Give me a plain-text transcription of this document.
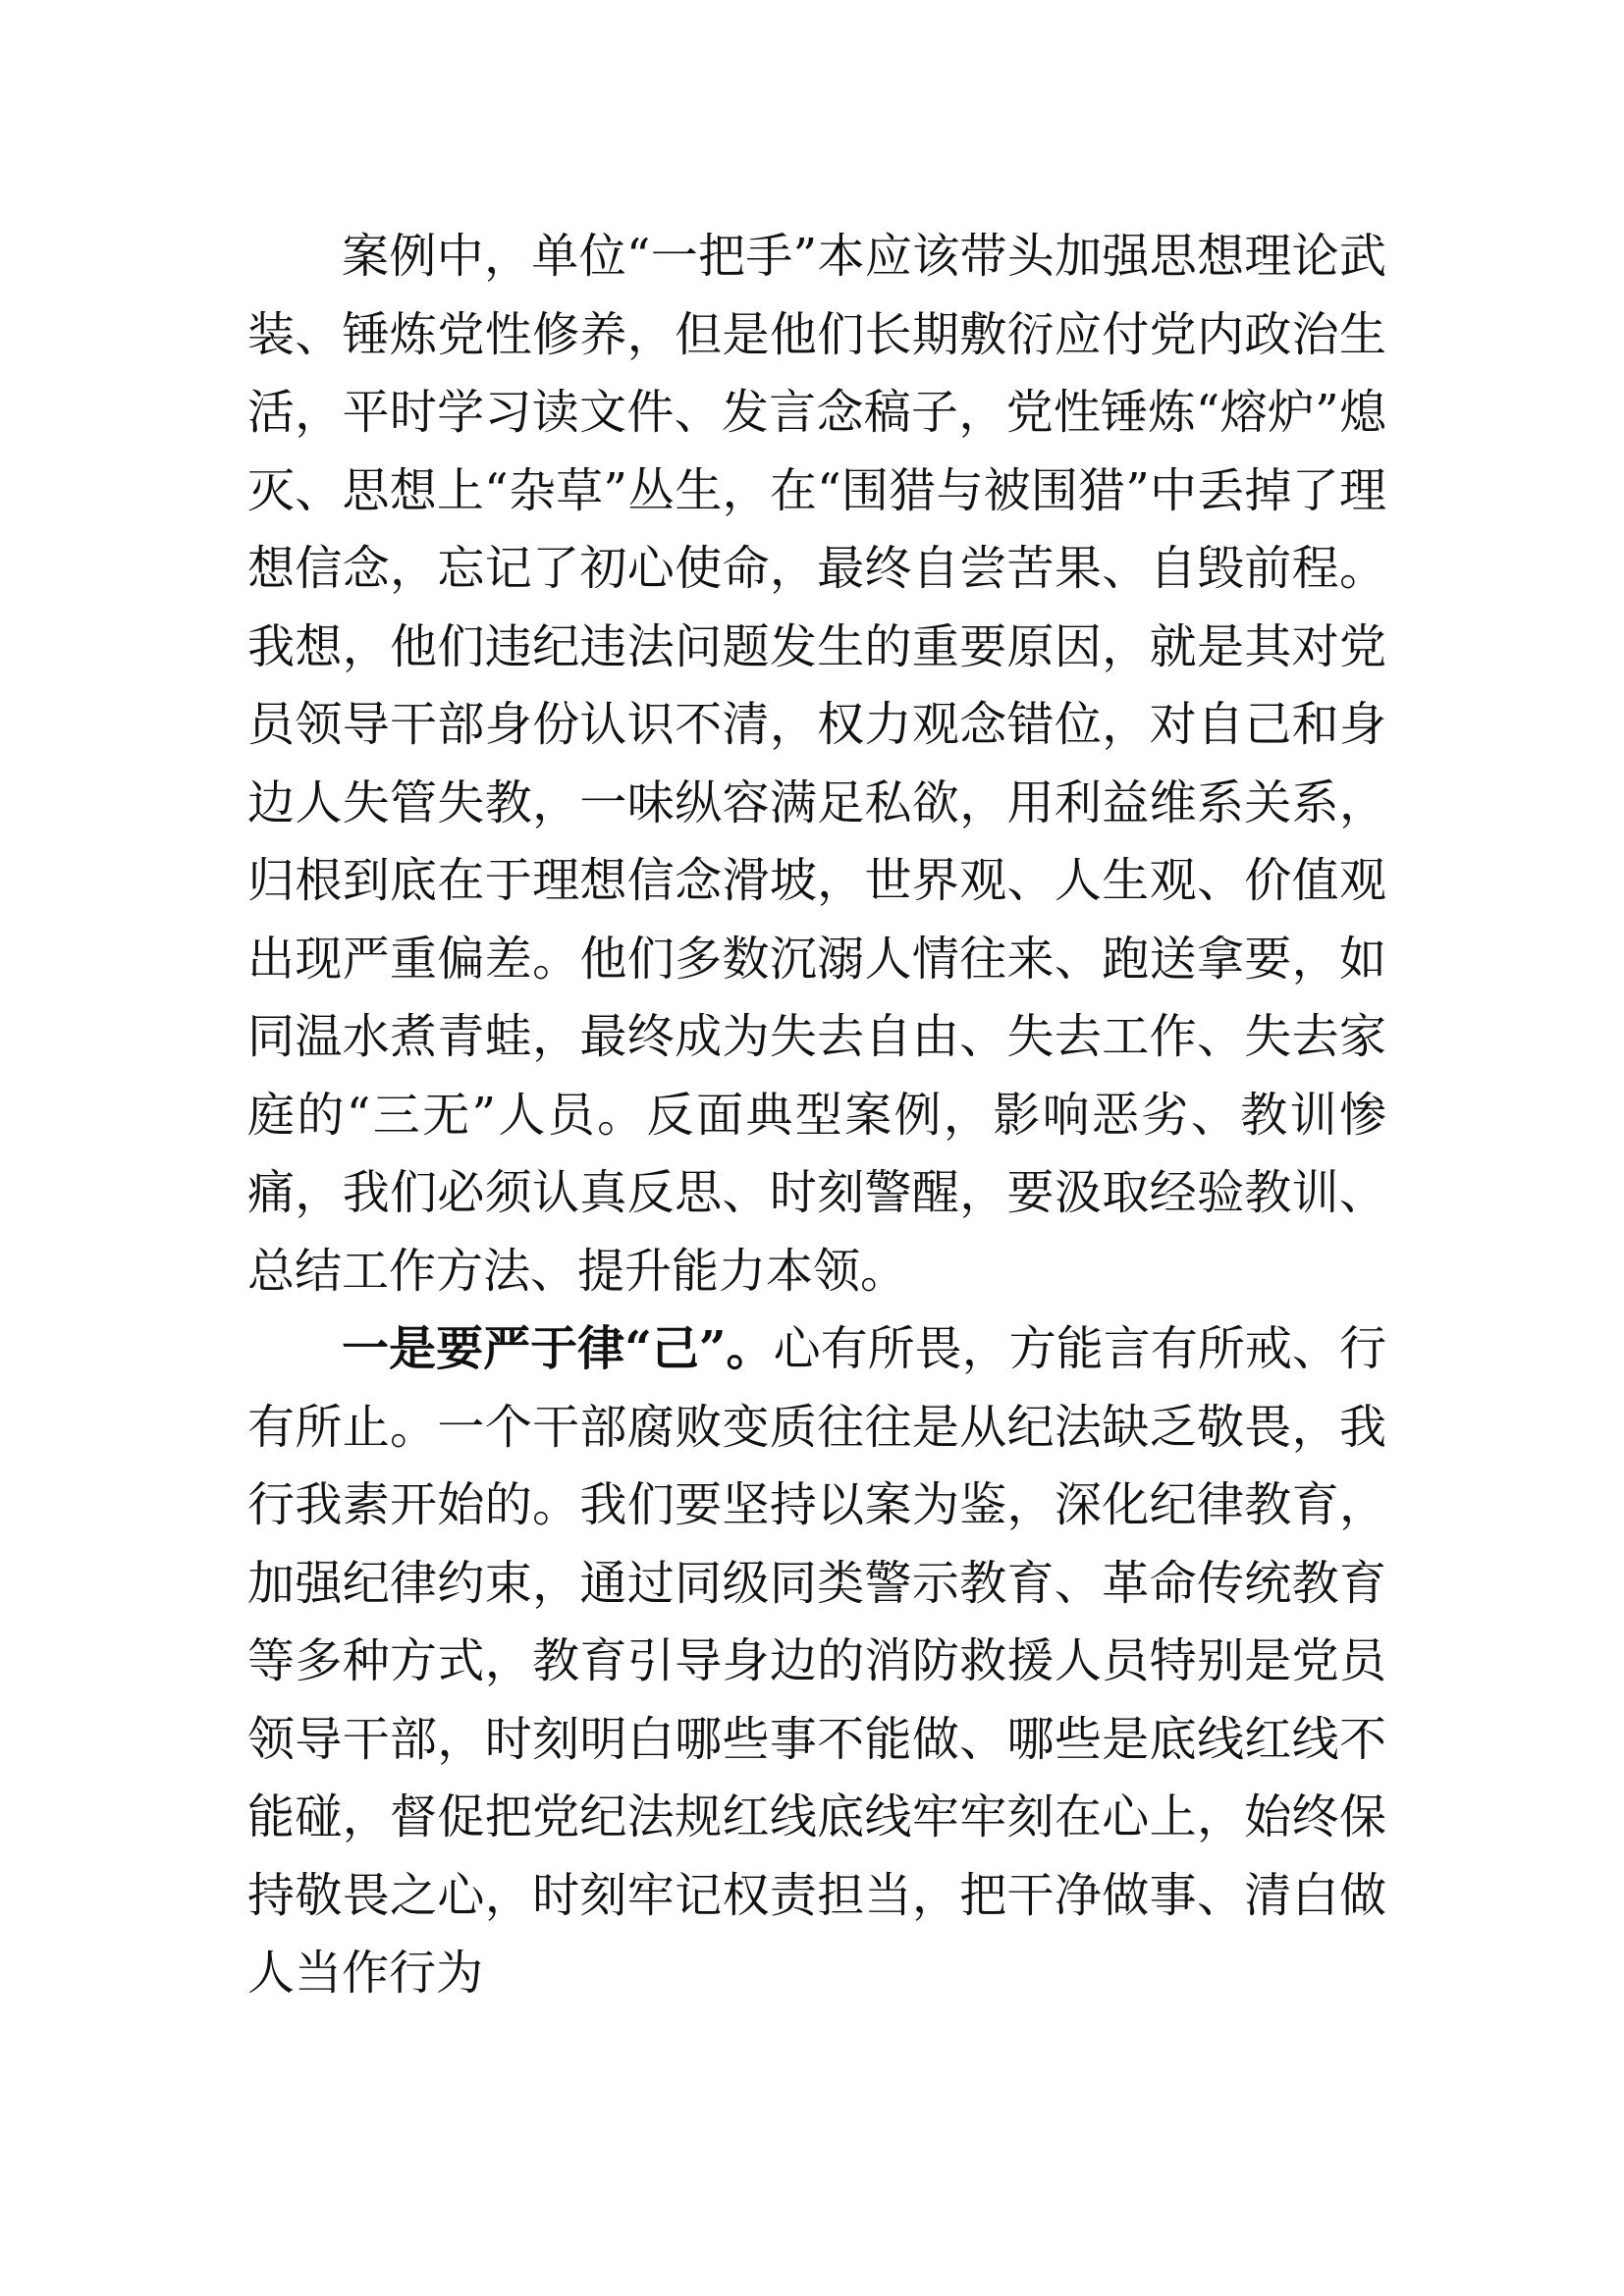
案例中，单位“一把手”本应该带头加强思想理论武装、锤炼党性修养，但是他们长期敷衍应付党内政治生活，平时学习读文件、发言念稿子，党性锤炼“熔炉”熄灭、思想上“杂草”丛生，在“围猎与被围猎”中丢掉了理想信念，忘记了初心使命，最终自尝苦果、自毁前程。我想，他们违纪违法问题发生的重要原因，就是其对党员领导干部身份认识不清，权力观念错位，对自己和身边人失管失教，一味纵容满足私欲，用利益维系关系，归根到底在于理想信念滑坡，世界观、人生观、价值观出现严重偏差。他们多数沉溺人情往来、跑送拿要，如同温水煮青蛙，最终成为失去自由、失去工作、失去家庭的“三无”人员。反面典型案例，影响恶劣、教训惨痛，我们必须认真反思、时刻警醒，要汲取经验教训、总结工作方法、提升能力本领。

一是要严于律“己”。心有所畏，方能言有所戒、行有所止。一个干部腐败变质往往是从纪法缺乏敬畏，我行我素开始的。我们要坚持以案为鉴，深化纪律教育，加强纪律约束，通过同级同类警示教育、革命传统教育等多种方式，教育引导身边的消防救援人员特别是党员领导干部，时刻明白哪些事不能做、哪些是底线红线不能碰，督促把党纪法规红线底线牢牢刻在心上，始终保持敬畏之心，时刻牢记权责担当，把干净做事、清白做人当作行为
